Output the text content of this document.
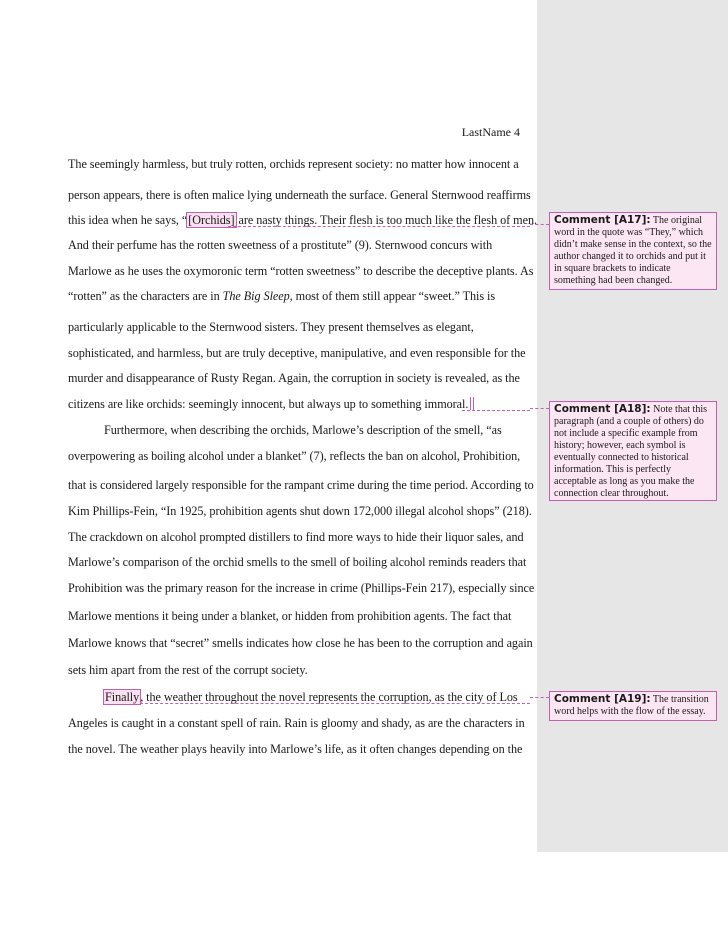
LastName 4
The seemingly harmless, but truly rotten, orchids represent society: no matter how innocent a
person appears, there is often malice lying underneath the surface. General Sternwood reaffirms
this idea when he says, “[Orchids] are nasty things. Their flesh is too much like the flesh of men.
And their perfume has the rotten sweetness of a prostitute” (9). Sternwood concurs with
Marlowe as he uses the oxymoronic term “rotten sweetness” to describe the deceptive plants. As
“rotten” as the characters are in The Big Sleep, most of them still appear “sweet.” This is
particularly applicable to the Sternwood sisters. They present themselves as elegant,
sophisticated, and harmless, but are truly deceptive, manipulative, and even responsible for the
murder and disappearance of Rusty Regan. Again, the corruption in society is revealed, as the
citizens are like orchids: seemingly innocent, but always up to something immoral.
Furthermore, when describing the orchids, Marlowe’s description of the smell, “as
overpowering as boiling alcohol under a blanket” (7), reflects the ban on alcohol, Prohibition,
that is considered largely responsible for the rampant crime during the time period. According to
Kim Phillips-Fein, “In 1925, prohibition agents shut down 172,000 illegal alcohol shops” (218).
The crackdown on alcohol prompted distillers to find more ways to hide their liquor sales, and
Marlowe’s comparison of the orchid smells to the smell of boiling alcohol reminds readers that
Prohibition was the primary reason for the increase in crime (Phillips-Fein 217), especially since
Marlowe mentions it being under a blanket, or hidden from prohibition agents. The fact that
Marlowe knows that “secret” smells indicates how close he has been to the corruption and again
sets him apart from the rest of the corrupt society.
Finally, the weather throughout the novel represents the corruption, as the city of Los
Angeles is caught in a constant spell of rain. Rain is gloomy and shady, as are the characters in
the novel. The weather plays heavily into Marlowe’s life, as it often changes depending on the
Comment [A17]: The original word in the quote was “They,” which didn’t make sense in the context, so the author changed it to orchids and put it in square brackets to indicate something had been changed.
Comment [A18]: Note that this paragraph (and a couple of others) do not include a specific example from history; however, each symbol is eventually connected to historical information. This is perfectly acceptable as long as you make the connection clear throughout.
Comment [A19]: The transition word helps with the flow of the essay.
